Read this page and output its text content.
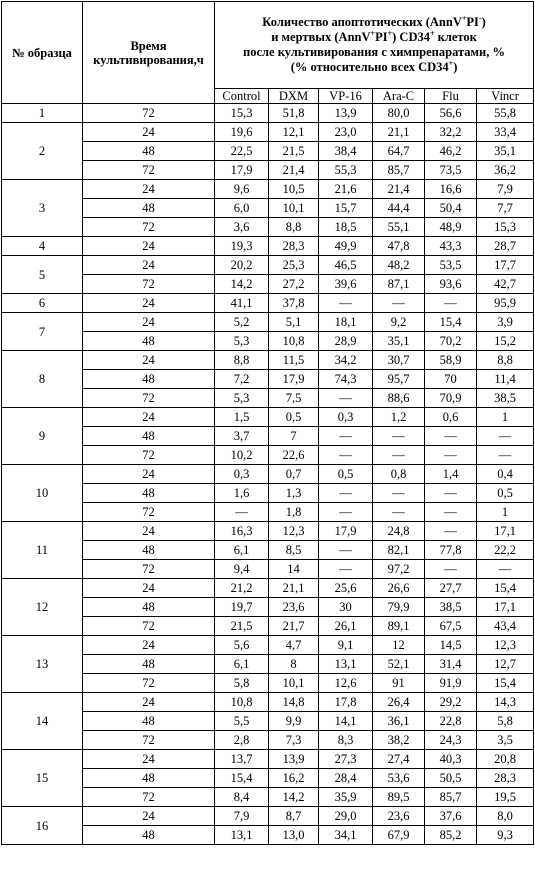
№ образца	Время культивирования,ч	Количество апоптотических (AnnV+PI-)
и мертвых (AnnV+PI+) CD34+ клеток
после культивирования с химпрепаратами, %
(% относительно всех CD34+)					

		Control	DXM	VP-16	Ara-C	Flu	Vincr
1	72	15,3	51,8	13,9	80,0	56,6	55,8
2	24	19,6	12,1	23,0	21,1	32,2	33,4
	48	22,5	21,5	38,4	64,7	46,2	35,1
	72	17,9	21,4	55,3	85,7	73,5	36,2
3	24	9,6	10,5	21,6	21,4	16,6	7,9
	48	6,0	10,1	15,7	44,4	50,4	7,7
	72	3,6	8,8	18,5	55,1	48,9	15,3
4	24	19,3	28,3	49,9	47,8	43,3	28,7
5	24	20,2	25,3	46,5	48,2	53,5	17,7
	72	14,2	27,2	39,6	87,1	93,6	42,7
6	24	41,1	37,8	—	—	—	95,9
7	24	5,2	5,1	18,1	9,2	15,4	3,9
	48	5,3	10,8	28,9	35,1	70,2	15,2
8	24	8,8	11,5	34,2	30,7	58,9	8,8
	48	7,2	17,9	74,3	95,7	70	11,4
	72	5,3	7,5	—	88,6	70,9	38,5
9	24	1,5	0,5	0,3	1,2	0,6	1
	48	3,7	7	—	—	—	—
	72	10,2	22,6	—	—	—	—
10	24	0,3	0,7	0,5	0,8	1,4	0,4
	48	1,6	1,3	—	—	—	0,5
	72	—	1,8	—	—	—	1
11	24	16,3	12,3	17,9	24,8	—	17,1
	48	6,1	8,5	—	82,1	77,8	22,2
	72	9,4	14	—	97,2	—	—
12	24	21,2	21,1	25,6	26,6	27,7	15,4
	48	19,7	23,6	30	79,9	38,5	17,1
	72	21,5	21,7	26,1	89,1	67,5	43,4
13	24	5,6	4,7	9,1	12	14,5	12,3
	48	6,1	8	13,1	52,1	31,4	12,7
	72	5,8	10,1	12,6	91	91,9	15,4
14	24	10,8	14,8	17,8	26,4	29,2	14,3
	48	5,5	9,9	14,1	36,1	22,8	5,8
	72	2,8	7,3	8,3	38,2	24,3	3,5
15	24	13,7	13,9	27,3	27,4	40,3	20,8
	48	15,4	16,2	28,4	53,6	50,5	28,3
	72	8,4	14,2	35,9	89,5	85,7	19,5
16	24	7,9	8,7	29,0	23,6	37,6	8,0
	48	13,1	13,0	34,1	67,9	85,2	9,3
